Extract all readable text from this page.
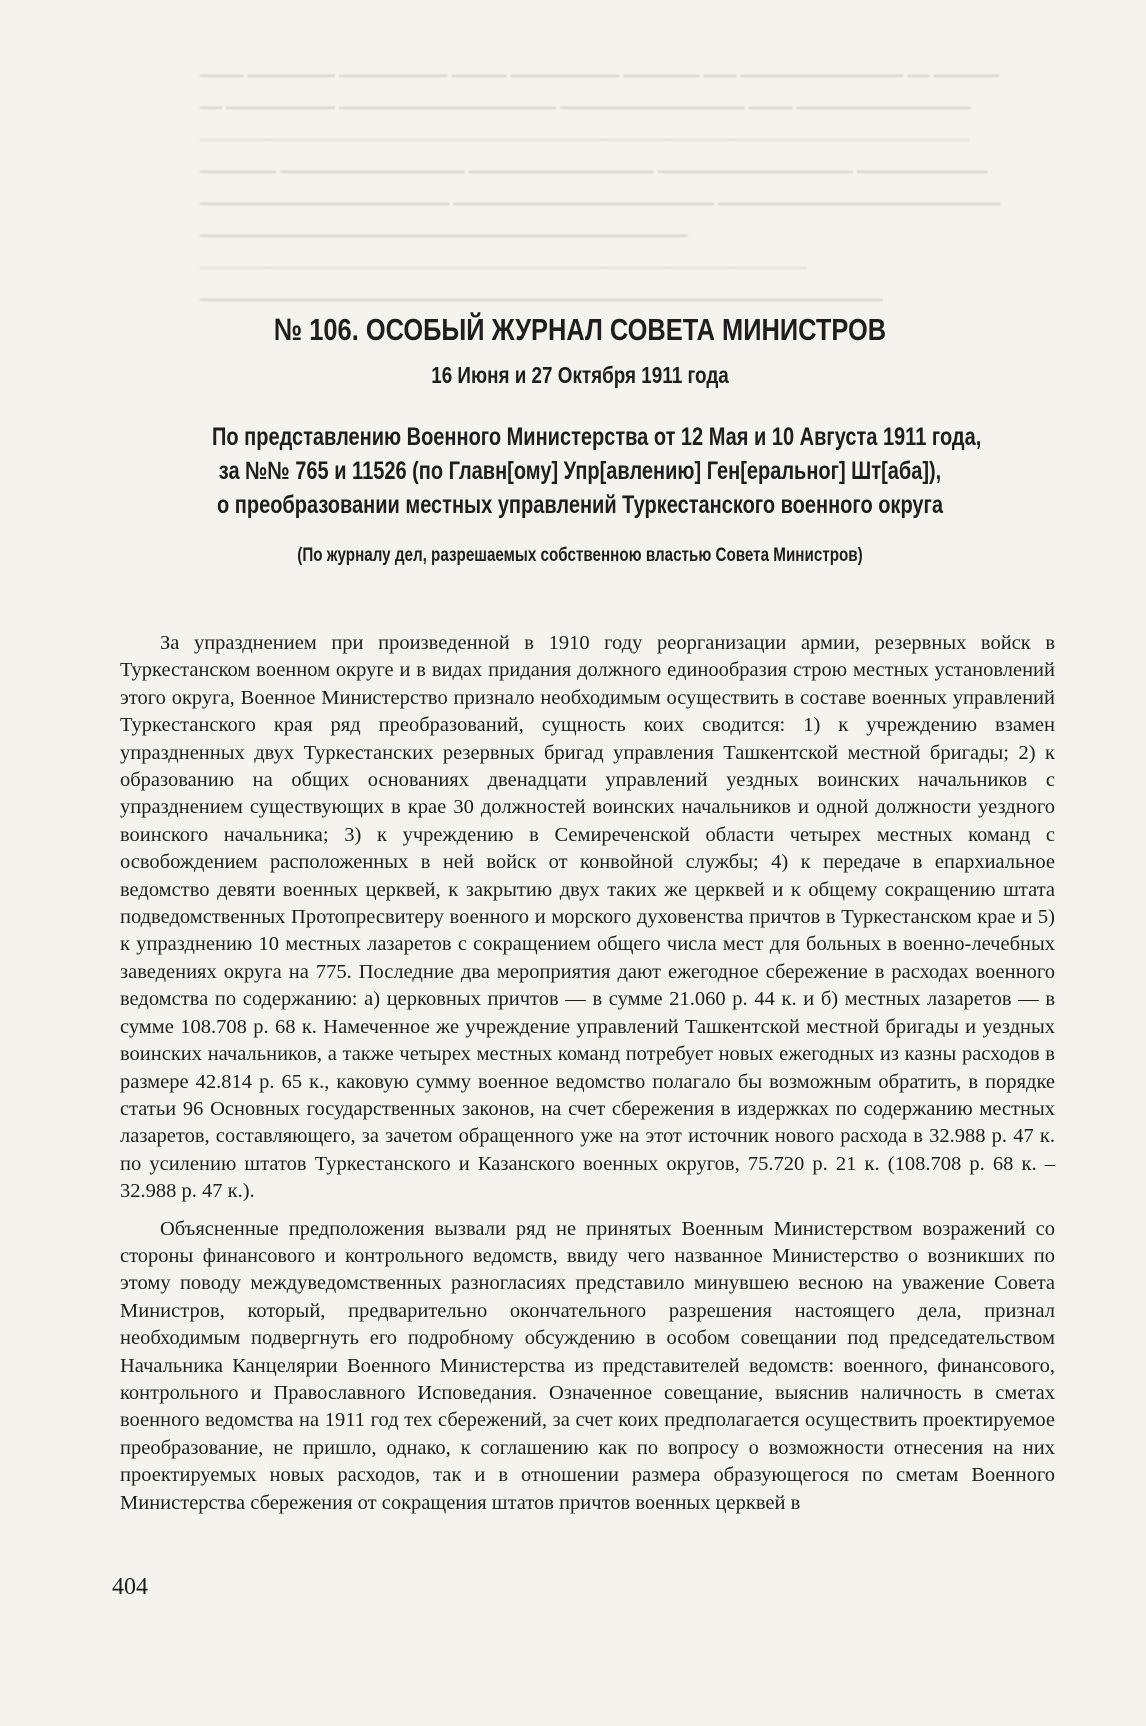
━━━━ ━━━━━━━━ ━━━━━━━━━━ ━━━━━ ━━━━━━━━━━ ━━━━━━━ ━━━ ━━━━━━━━━━━━━━━ ━━ ━━━━━━
━━ ━━━━━━━━━━ ━━━━━━━━━━━━━━━━━━━━ ━━━━━━━━━━━━━━━━━ ━━━━ ━━━━━━━━━━━━━━━━
━━━━━━━━━━━━━━━━━━━━━━━━━━━━━━━━━━━━━━━━━━━━━━━━━━━━━━━━━━━━━━━━━━━━━━━
━━━━━━━ ━━━━━━━━━━━━━━━━━ ━━━━━━━━━━━━━━━━━ ━━━━━━━━━━━━━━━━━━ ━━━━━━━━━━━━
━━━━━━━━━━━━━━━━━━━━━━━ ━━━━━━━━━━━━━━━━━━━━━━━━ ━━━━━━━━━━━━━━━━━━━━━━━━━━
━━━━━━━━━━━━━━━━━━━━━━━━━━━━━━━━━━━━━━━━━━━━━
━━━━━━━━━━━━━━━━━━━━━━━━━━━━━━━━━━━━━━━━━━━━━━━━━━━━━━━━
━━━━━━━━━━━━━━━━━━━━━━━━━━━━━━━━━━━━━━━━━━━━━━━━━━━━━━━━━━━━━━━
№ 106. ОСОБЫЙ ЖУРНАЛ СОВЕТА МИНИСТРОВ
16 Июня и 27 Октября 1911 года
По представлению Военного Министерства от 12 Мая и 10 Августа 1911 года,
за №№ 765 и 11526 (по Главн[ому] Упр[авлению] Ген[еральног] Шт[аба]),
о преобразовании местных управлений Туркестанского военного округа
(По журналу дел, разрешаемых собственною властью Совета Министров)

За упразднением при произведенной в 1910 году реорганизации армии, резервных войск в Туркестанском военном округе и в видах придания должного единообразия строю местных установлений этого округа, Военное Министерство признало необходимым осуществить в составе военных управлений Туркестанского края ряд преобразований, сущность коих сводится: 1) к учреждению взамен упраздненных двух Туркестанских резервных бригад управления Ташкентской местной бригады; 2) к образованию на общих основаниях двенадцати управлений уездных воинских начальников с упразднением существующих в крае 30 должностей воинских начальников и одной должности уездного воинского начальника; 3) к учреждению в Семиреченской области четырех местных команд с освобождением расположенных в ней войск от конвойной службы; 4) к передаче в епархиальное ведомство девяти военных церквей, к закрытию двух таких же церквей и к общему сокращению штата подведомственных Протопресвитеру военного и морского духовенства причтов в Туркестанском крае и 5) к упразднению 10 местных лазаретов с сокращением общего числа мест для больных в военно-лечебных заведениях округа на 775. Последние два мероприятия дают ежегодное сбережение в расходах военного ведомства по содержанию: а) церковных причтов — в сумме 21.060 р. 44 к. и б) местных лазаретов — в сумме 108.708 р. 68 к. Намеченное же учреждение управлений Ташкентской местной бригады и уездных воинских начальников, а также четырех местных команд потребует новых ежегодных из казны расходов в размере 42.814 р. 65 к., каковую сумму военное ведомство полагало бы возможным обратить, в порядке статьи 96 Основных государственных законов, на счет сбережения в издержках по содержанию местных лазаретов, составляющего, за зачетом обращенного уже на этот источник нового расхода в 32.988 р. 47 к. по усилению штатов Туркестанского и Казанского военных округов, 75.720 р. 21 к. (108.708 р. 68 к. – 32.988 р. 47 к.).

Объясненные предположения вызвали ряд не принятых Военным Министерством возражений со стороны финансового и контрольного ведомств, ввиду чего названное Министерство о возникших по этому поводу междуведомственных разногласиях представило минувшею весною на уважение Совета Министров, который, предварительно окончательного разрешения настоящего дела, признал необходимым подвергнуть его подробному обсуждению в особом совещании под председательством Начальника Канцелярии Военного Министерства из представителей ведомств: военного, финансового, контрольного и Православного Исповедания. Означенное совещание, выяснив наличность в сметах военного ведомства на 1911 год тех сбережений, за счет коих предполагается осуществить проектируемое преобразование, не пришло, однако, к соглашению как по вопросу о возможности отнесения на них проектируемых новых расходов, так и в отношении размера образующегося по сметам Военного Министерства сбережения от сокращения штатов причтов военных церквей в

404
